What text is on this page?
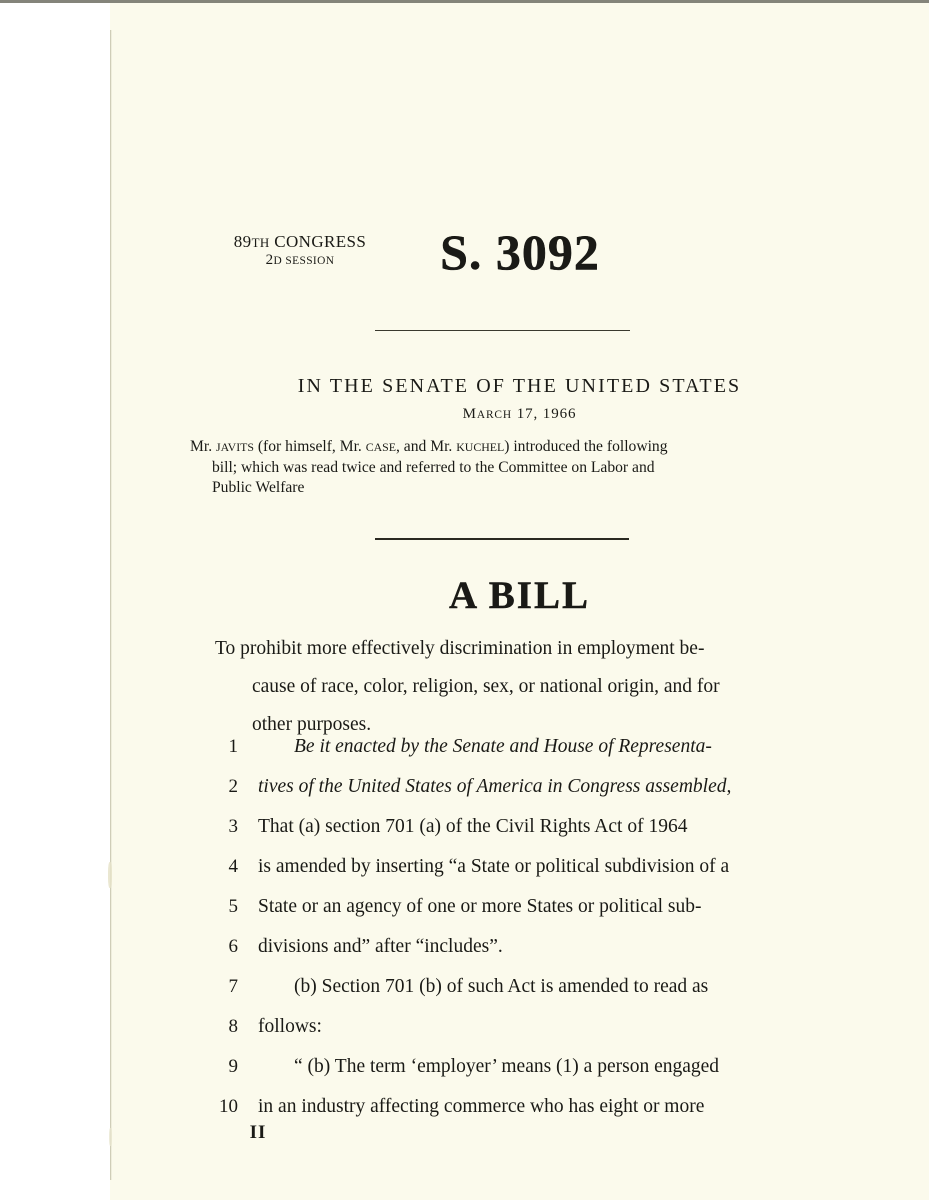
89TH CONGRESS
2D SESSION	S. 3092
IN THE SENATE OF THE UNITED STATES
MARCH 17, 1966
Mr. JAVITS (for himself, Mr. CASE, and Mr. KUCHEL) introduced the following
bill; which was read twice and referred to the Committee on Labor and
Public Welfare
A BILL
To prohibit more effectively discrimination in employment be-
cause of race, color, religion, sex, or national origin, and for
other purposes.
1	Be it enacted by the Senate and House of Representa-
2 tives of the United States of America in Congress assembled,
3 That (a) section 701 (a) of the Civil Rights Act of 1964
4 is amended by inserting “a State or political subdivision of a
5 State or an agency of one or more States or political sub-
6 divisions and” after “includes”.
7	(b) Section 701 (b) of such Act is amended to read as
8 follows:
9	“ (b) The term ‘employer’ means (1) a person engaged
10 in an industry affecting commerce who has eight or more
II
